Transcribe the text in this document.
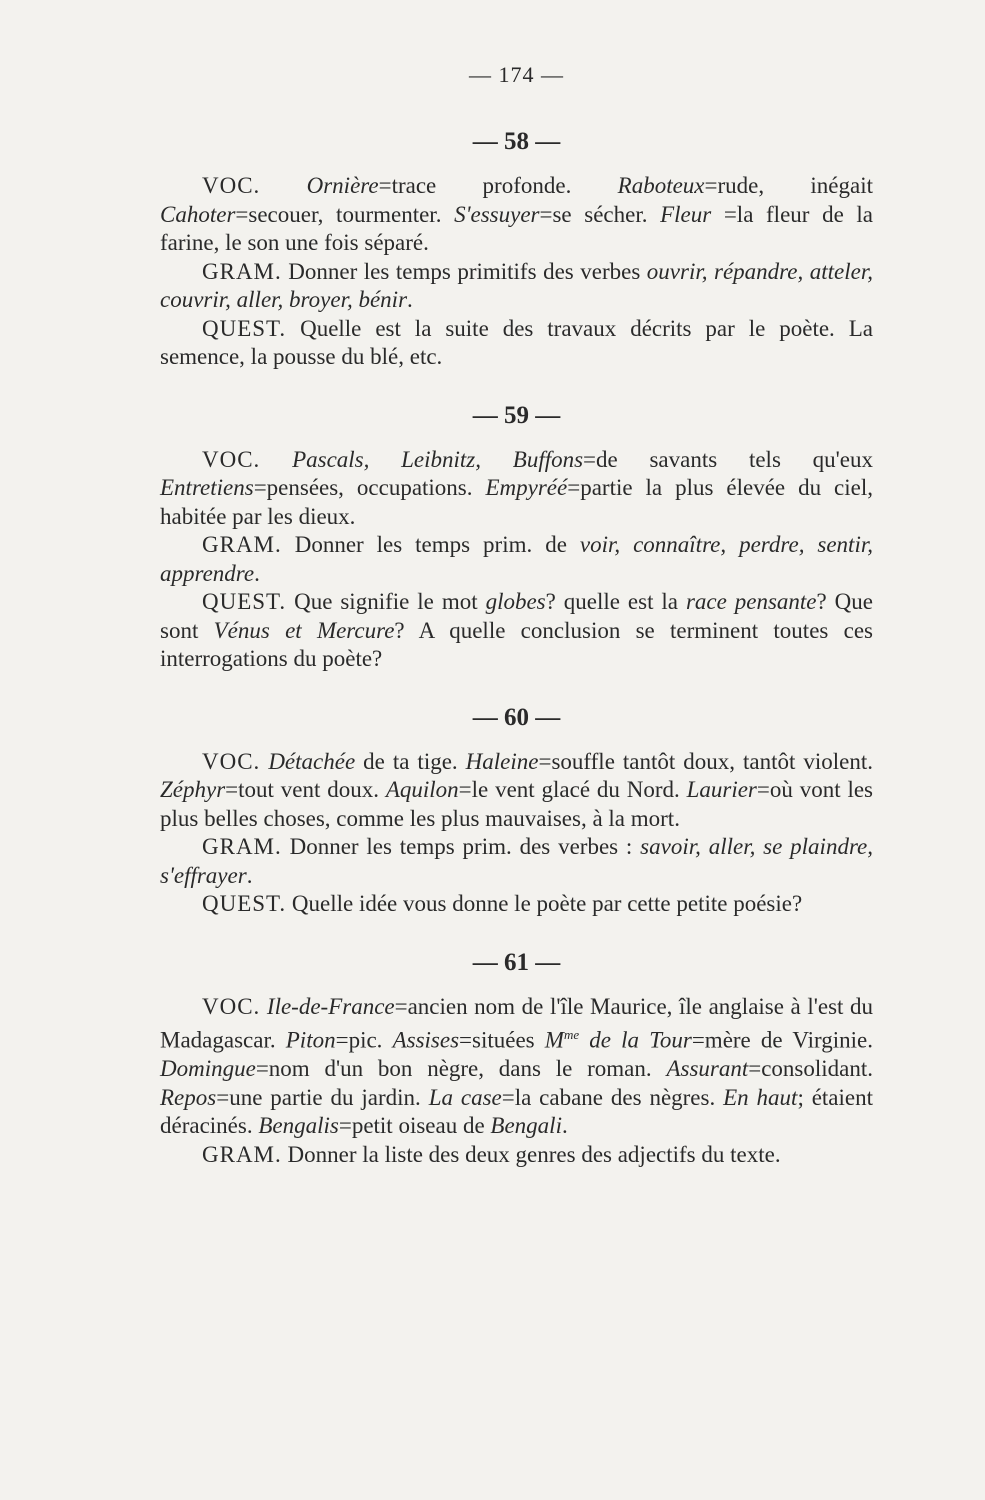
— 174 —
— 58 —

VOC. Ornière=trace profonde. Raboteux=rude, inégait Cahoter=secouer, tourmenter. S'essuyer=se sécher. Fleur =la fleur de la farine, le son une fois séparé.

GRAM. Donner les temps primitifs des verbes ouvrir, répandre, atteler, couvrir, aller, broyer, bénir.

QUEST. Quelle est la suite des travaux décrits par le poète. La semence, la pousse du blé, etc.

— 59 —

VOC. Pascals, Leibnitz, Buffons=de savants tels qu'eux Entretiens=pensées, occupations. Empyréé=partie la plus élevée du ciel, habitée par les dieux.

GRAM. Donner les temps prim. de voir, connaître, perdre, sentir, apprendre.

QUEST. Que signifie le mot globes? quelle est la race pensante? Que sont Vénus et Mercure? A quelle conclusion se terminent toutes ces interrogations du poète?

— 60 —

VOC. Détachée de ta tige. Haleine=souffle tantôt doux, tantôt violent. Zéphyr=tout vent doux. Aquilon=le vent glacé du Nord. Laurier=où vont les plus belles choses, comme les plus mauvaises, à la mort.

GRAM. Donner les temps prim. des verbes : savoir, aller, se plaindre, s'effrayer.

QUEST. Quelle idée vous donne le poète par cette petite poésie?

— 61 —

VOC. Ile-de-France=ancien nom de l'île Maurice, île anglaise à l'est du Madagascar. Piton=pic. Assises=situées $M^{me}$ de la Tour=mère de Virginie. Domingue=nom d'un bon nègre, dans le roman. Assurant=consolidant. Repos=une partie du jardin. La case=la cabane des nègres. En haut; étaient déracinés. Bengalis=petit oiseau de Bengali.

GRAM. Donner la liste des deux genres des adjectifs du texte.
